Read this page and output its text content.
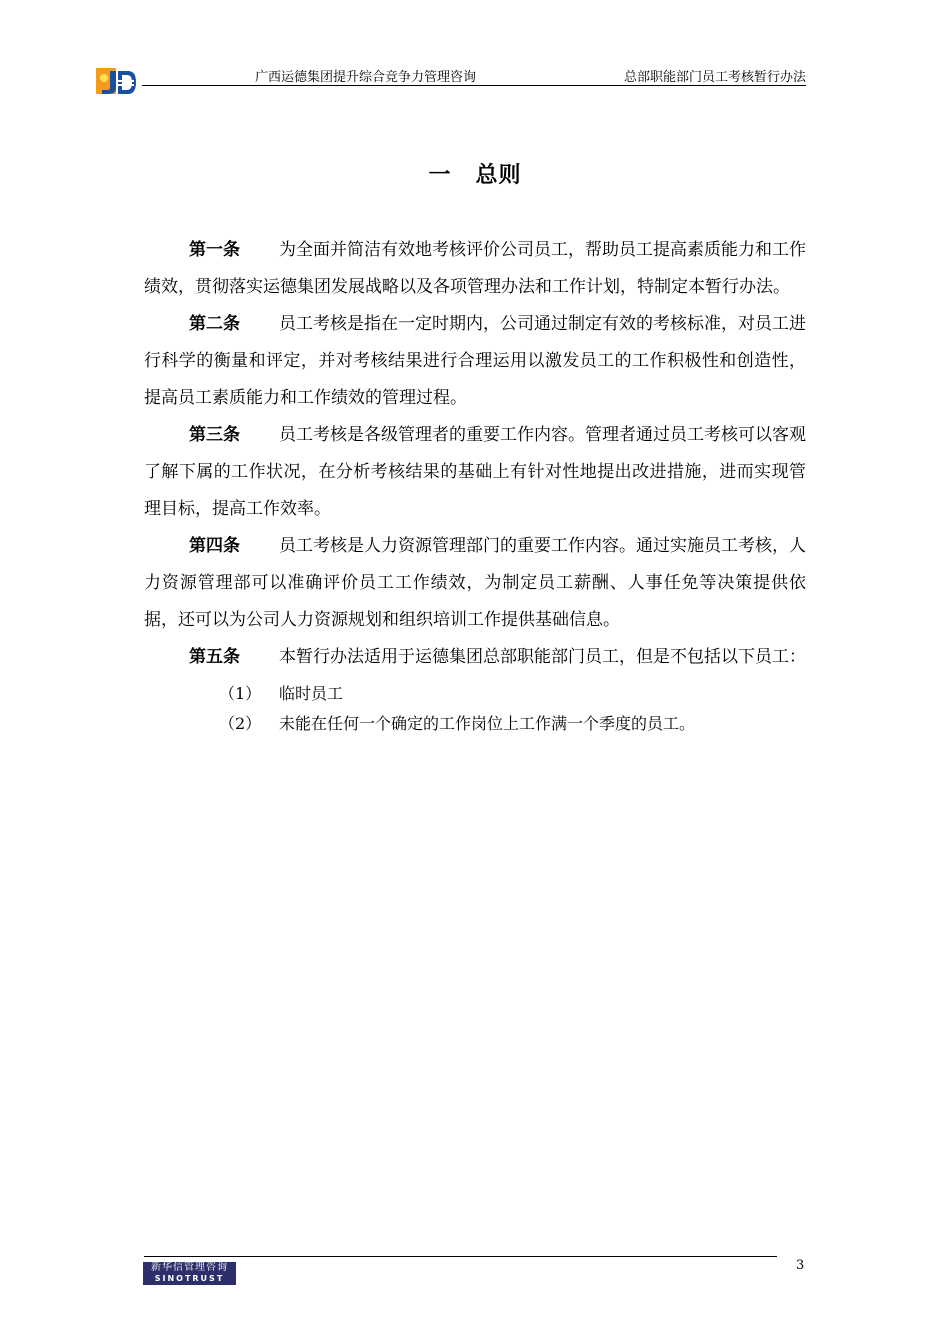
广西运德集团提升综合竞争力管理咨询	总部职能部门员工考核暂行办法
一 总则

第一条 为全面并简洁有效地考核评价公司员工，帮助员工提高素质能力和工作绩效，贯彻落实运德集团发展战略以及各项管理办法和工作计划，特制定本暂行办法。

第二条 员工考核是指在一定时期内，公司通过制定有效的考核标准，对员工进行科学的衡量和评定，并对考核结果进行合理运用以激发员工的工作积极性和创造性，提高员工素质能力和工作绩效的管理过程。

第三条 员工考核是各级管理者的重要工作内容。管理者通过员工考核可以客观了解下属的工作状况，在分析考核结果的基础上有针对性地提出改进措施，进而实现管理目标，提高工作效率。

第四条 员工考核是人力资源管理部门的重要工作内容。通过实施员工考核，人力资源管理部可以准确评价员工工作绩效，为制定员工薪酬、人事任免等决策提供依据，还可以为公司人力资源规划和组织培训工作提供基础信息。

第五条 本暂行办法适用于运德集团总部职能部门员工，但是不包括以下员工：

（1） 临时员工

（2） 未能在任何一个确定的工作岗位上工作满一个季度的员工。

新华信管理咨询
SINOTRUST
3
